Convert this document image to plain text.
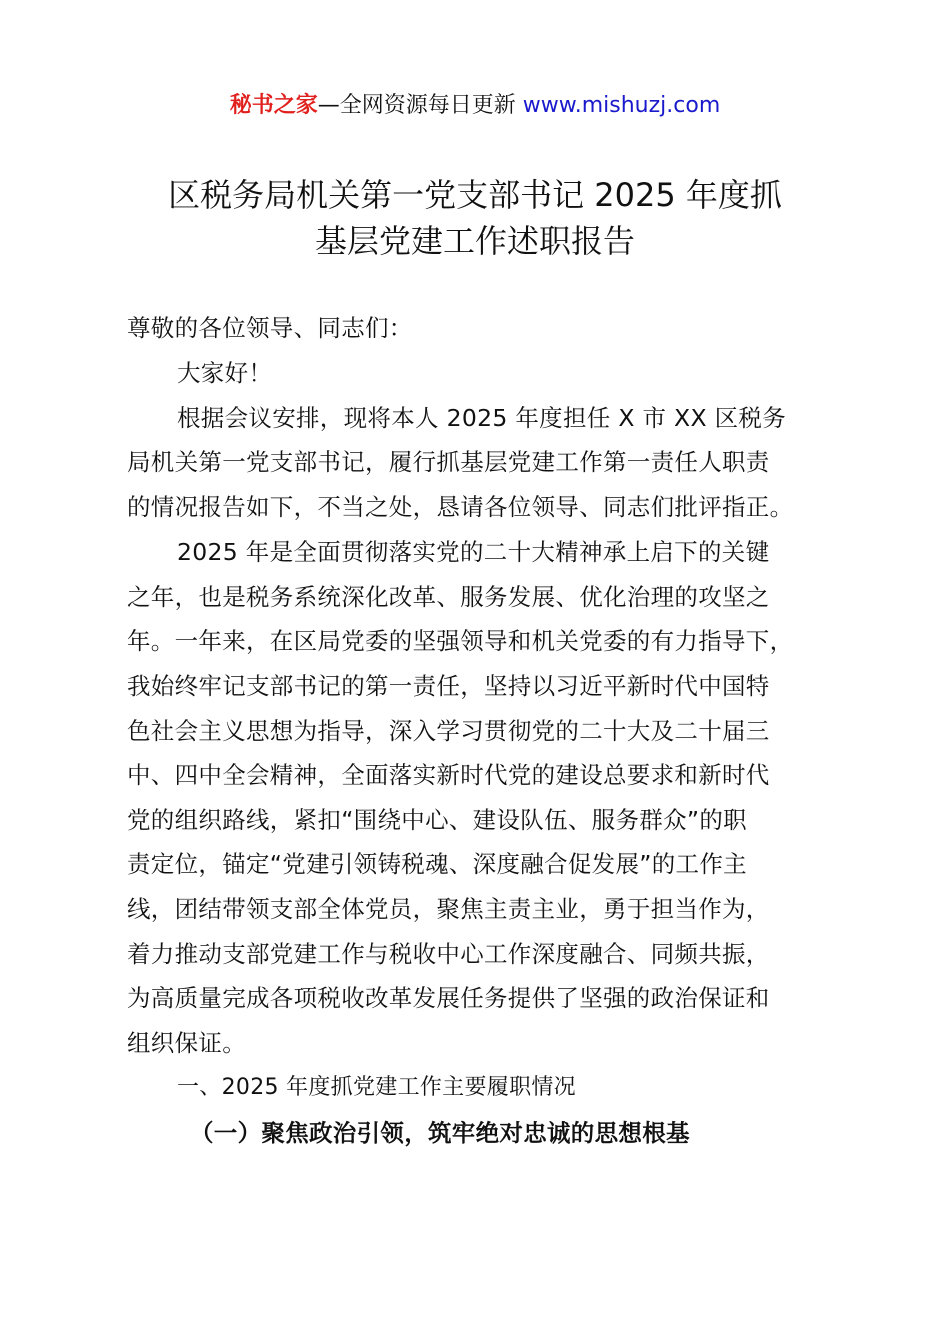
秘书之家—全网资源每日更新 www.mishuzj.com
区税务局机关第一党支部书记 2025 年度抓
基层党建工作述职报告
尊敬的各位领导、同志们：
大家好！
根据会议安排，现将本人 2025 年度担任 X 市 XX 区税务
局机关第一党支部书记，履行抓基层党建工作第一责任人职责
的情况报告如下，不当之处，恳请各位领导、同志们批评指正。
2025 年是全面贯彻落实党的二十大精神承上启下的关键
之年，也是税务系统深化改革、服务发展、优化治理的攻坚之
年。一年来，在区局党委的坚强领导和机关党委的有力指导下，
我始终牢记支部书记的第一责任，坚持以习近平新时代中国特
色社会主义思想为指导，深入学习贯彻党的二十大及二十届三
中、四中全会精神，全面落实新时代党的建设总要求和新时代
党的组织路线，紧扣“围绕中心、建设队伍、服务群众”的职
责定位，锚定“党建引领铸税魂、深度融合促发展”的工作主
线，团结带领支部全体党员，聚焦主责主业，勇于担当作为，
着力推动支部党建工作与税收中心工作深度融合、同频共振，
为高质量完成各项税收改革发展任务提供了坚强的政治保证和
组织保证。
一、2025 年度抓党建工作主要履职情况
（一）聚焦政治引领，筑牢绝对忠诚的思想根基
